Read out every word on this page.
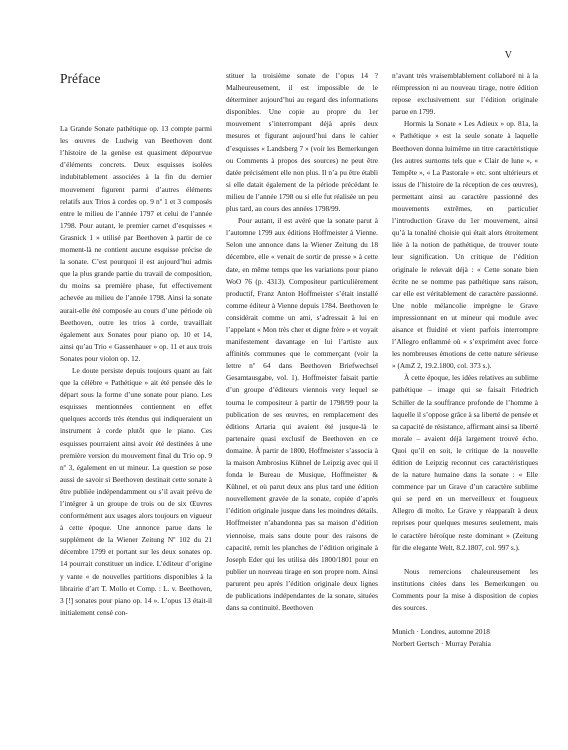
V
Préface

La Grande Sonate pathétique op. 13 compte parmi les œuvres de Ludwig van Beethoven dont l’histoire de la genèse est quasiment dépourvue d’éléments concrets. Deux esquisses isolées indubitablement associées à la fin du dernier mouvement figurent parmi d’autres éléments relatifs aux Trios à cordes op. 9 nº 1 et 3 composés entre le milieu de l’année 1797 et celui de l’année 1798. Pour autant, le premier carnet d’esquisses « Grasnick 1 » utilisé par Beethoven à partir de ce moment-là ne contient aucune esquisse précise de la sonate. C’est pourquoi il est aujourd’hui admis que la plus grande partie du travail de composition, du moins sa première phase, fut effectivement achevée au milieu de l’année 1798. Ainsi la sonate aurait-elle été composée au cours d’une période où Beethoven, outre les trios à corde, travaillait également aux Sonates pour piano op. 10 et 14, ainsi qu’au Trio « Gassenhauer » op. 11 et aux trois Sonates pour violon op. 12.

Le doute persiste depuis toujours quant au fait que la célèbre « Pathétique » ait été pensée dès le départ sous la forme d’une sonate pour piano. Les esquisses mentionnées contiennent en effet quelques accords très étendus qui indiqueraient un instrument à corde plutôt que le piano. Ces esquisses pourraient ainsi avoir été destinées à une première version du mouvement final du Trio op. 9 nº 3, également en ut mineur. La question se pose aussi de savoir si Beethoven destinait cette sonate à être publiée indépendamment ou s’il avait prévu de l’intégrer à un groupe de trois ou de six Œuvres conformément aux usages alors toujours en vigueur à cette époque. Une annonce parue dans le supplément de la Wiener Zeitung Nº 102 du 21 décembre 1799 et portant sur les deux sonates op. 14 pourrait constituer un indice. L’éditeur d’origine y vante « de nouvelles partitions disponibles à la librairie d’art T. Mollo et Comp. : L. v. Beethoven, 3 [!] sonates pour piano op. 14 ». L’opus 13 était-il initialement censé con-

stituer la troisième sonate de l’opus 14 ? Malheureusement, il est impossible de le déterminer aujourd’hui au regard des informations disponibles. Une copie au propre du 1er mouvement s’interrompant déjà après deux mesures et figurant aujourd’hui dans le cahier d’esquisses « Landsberg 7 » (voir les Bemerkungen ou Comments à propos des sources) ne peut être datée précisément elle non plus. Il n’a pu être établi si elle datait également de la période précédant le milieu de l’année 1798 ou si elle fut réalisée un peu plus tard, au cours des années 1798/99.

Pour autant, il est avéré que la sonate parut à l’automne 1799 aux éditions Hoffmeister à Vienne. Selon une annonce dans la Wiener Zeitung du 18 décembre, elle « venait de sortir de presse » à cette date, en même temps que les variations pour piano WoO 76 (p. 4313). Compositeur particulièrement productif, Franz Anton Hoffmeister s’était installé comme éditeur à Vienne depuis 1784. Beethoven le considérait comme un ami, s’adressait à lui en l’appelant « Mon très cher et digne frère » et voyait manifestement davantage en lui l’artiste aux affinités communes que le commerçant (voir la lettre nº 64 dans Beethoven Briefwechsel Gesamtausgabe, vol. 1). Hoffmeister faisait partie d’un groupe d’éditeurs viennois very lequel se tourna le compositeur à partir de 1798/99 pour la publication de ses œuvres, en remplacement des éditions Artaria qui avaient été jusque-là le partenaire quasi exclusif de Beethoven en ce domaine. À partir de 1800, Hoffmeister s’associa à la maison Ambrosius Kühnel de Leipzig avec qui il fonda le Bureau de Musique, Hoffmeister & Kühnel, et où parut deux ans plus tard une édition nouvellement gravée de la sonate, copiée d’après l’édition originale jusque dans les moindres détails. Hoffmeister n’abandonna pas sa maison d’édition viennoise, mais sans doute pour des raisons de capacité, remit les planches de l’édition originale à Joseph Eder qui les utilisa dès 1800/1801 pour en publier un nouveau tirage en son propre nom. Ainsi parurent peu après l’édition originale deux lignes de publications indépendantes de la sonate, situées dans sa continuité. Beethoven

n’avant très vraisemblablement collaboré ni à la réimpression ni au nouveau tirage, notre édition repose exclusivement sur l’édition originale parue en 1799.

Hormis la Sonate « Les Adieux » op. 81a, la « Pathétique » est la seule sonate à laquelle Beethoven donna luimême un titre caractéristique (les autres surnoms tels que « Clair de lune », « Tempête », « La Pastorale » etc. sont ultérieurs et issus de l’histoire de la réception de ces œuvres), permettant ainsi au caractère passionné des mouvements extrêmes, en particulier l’introduction Grave du 1er mouvement, ainsi qu’à la tonalité choisie qui était alors étroitement liée à la notion de pathétique, de trouver toute leur signification. Un critique de l’édition originale le relevait déjà : « Cette sonate bien écrite ne se nomme pas pathétique sans raison, car elle est véritablement de caractère passionné. Une noble mélancolie imprègne le Grave impressionnant en ut mineur qui module avec aisance et fluidité et vient parfois interrompre l’Allegro enflammé où « s’exprimént avec force les nombreuses émotions de cette nature sérieuse » (AmZ 2, 19.2.1800, col. 373 s.).

À cette époque, les idées relatives au sublime pathétique – image qui se faisait Friedrich Schiller de la souffrance profonde de l’homme à laquelle il s’oppose grâce à sa liberté de pensée et sa capacité de résistance, affirmant ainsi sa liberté morale – avaient déjà largement trouvé écho. Quoi qu’il en soit, le critique de la nouvelle édition de Leipzig reconnut ces caractéristiques de la nature humaine dans la sonate : « Elle commence par un Grave d’un caractère sublime qui se perd en un merveilleux et fougueux Allegro di molto. Le Grave y réapparaît à deux reprises pour quelques mesures seulement, mais le caractère héroïque reste dominant » (Zeitung für die elegante Welt, 8.2.1807, col. 997 s.).

Nous remercions chaleureusement les institutions citées dans les Bemerkungen ou Comments pour la mise à disposition de copies des sources.

Munich · Londres, automne 2018

Norbert Gertsch · Murray Perahia
